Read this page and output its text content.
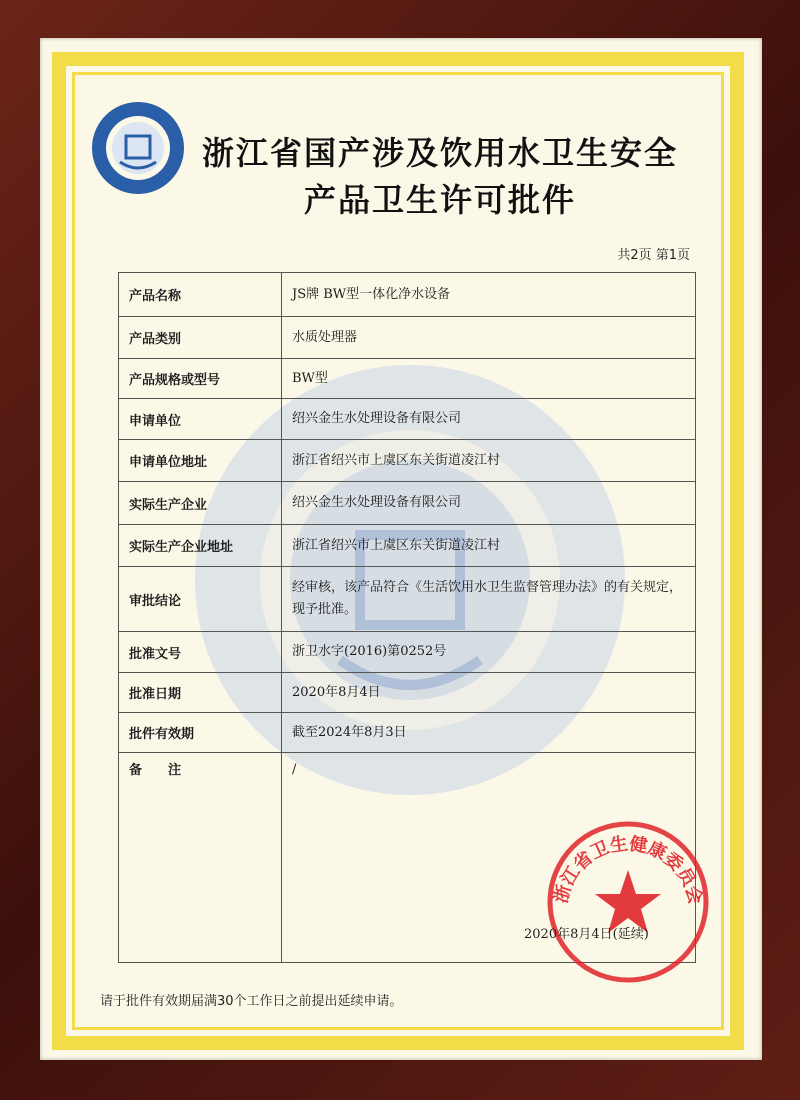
浙江省国产涉及饮用水卫生安全
产品卫生许可批件
共2页 第1页
产品名称	JS牌 BW型一体化净水设备
产品类别	水质处理器
产品规格或型号	BW型
申请单位	绍兴金生水处理设备有限公司
申请单位地址	浙江省绍兴市上虞区东关街道凌江村
实际生产企业	绍兴金生水处理设备有限公司
实际生产企业地址	浙江省绍兴市上虞区东关街道凌江村
审批结论	经审核，该产品符合《生活饮用水卫生监督管理办法》的有关规定，现予批准。
批准文号	浙卫水字(2016)第0252号
批准日期	2020年8月4日
批件有效期	截至2024年8月3日
备　　注	/
浙江省卫生健康委员会
2020年8月4日(延续)
请于批件有效期届满30个工作日之前提出延续申请。
